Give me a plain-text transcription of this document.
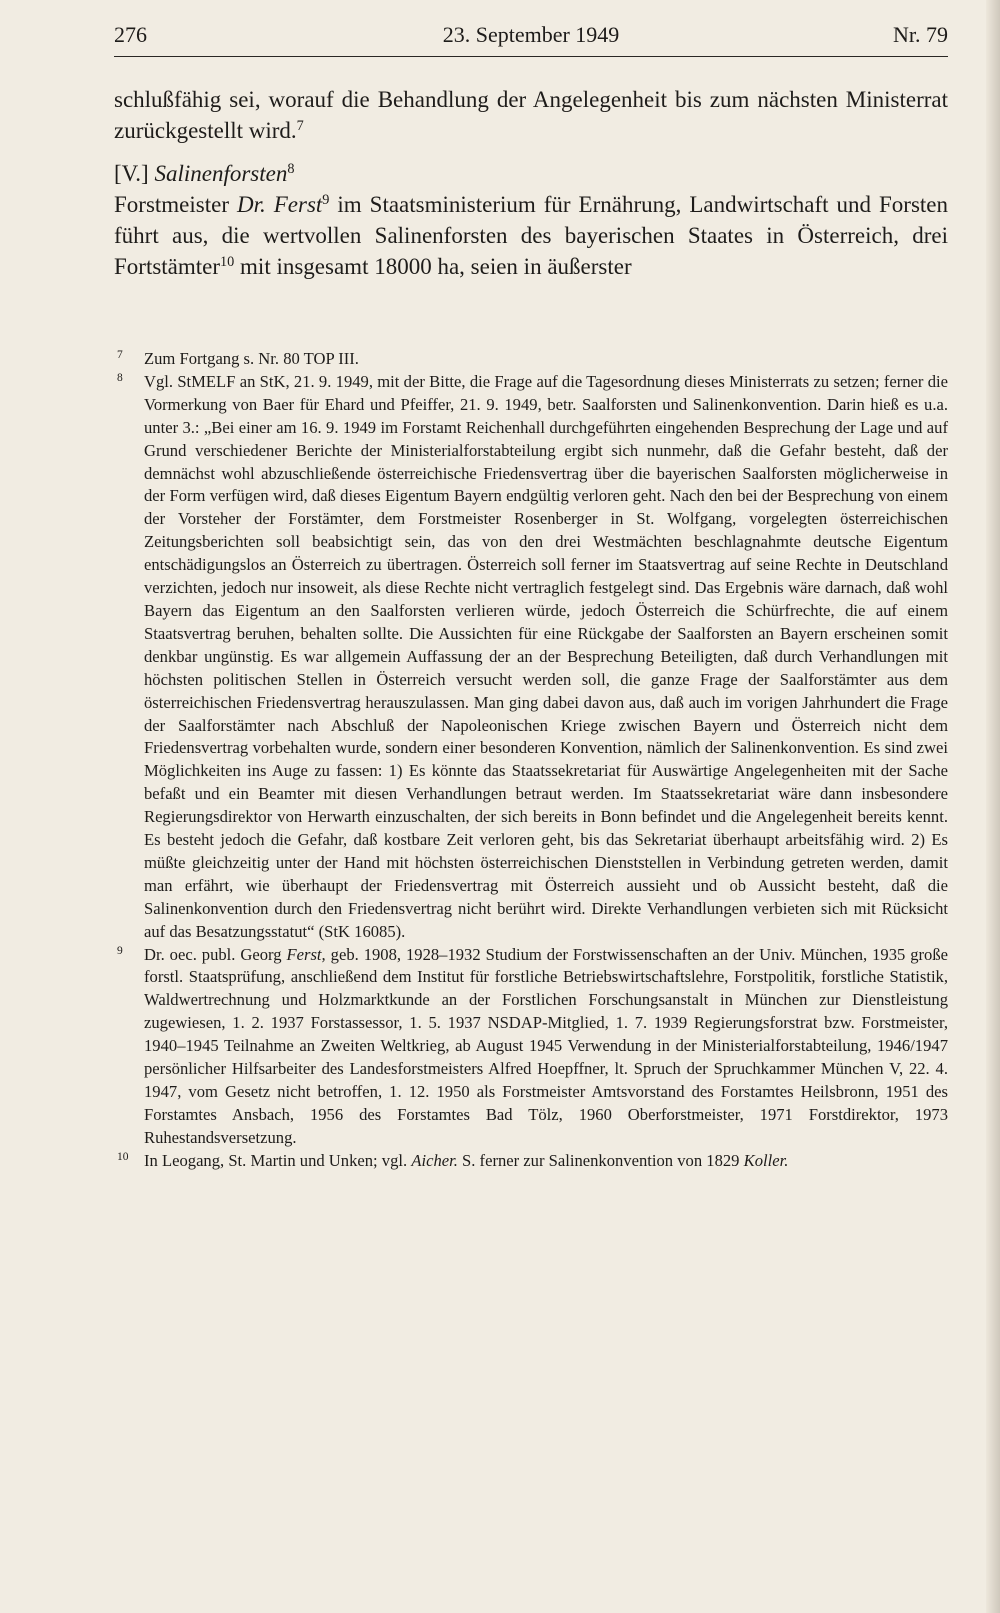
276	23. September 1949	Nr. 79

schlußfähig sei, worauf die Behandlung der Angelegenheit bis zum nächsten Ministerrat zurückgestellt wird.$^7$

[V.] Salinenforsten$^8$

Forstmeister Dr. Ferst$^9$ im Staatsministerium für Ernährung, Landwirtschaft und Forsten führt aus, die wertvollen Salinenforsten des bayerischen Staates in Österreich, drei Fortstämter$^{10}$ mit insgesamt 18000 ha, seien in äußerster

7 Zum Fortgang s. Nr. 80 TOP III.
8 Vgl. StMELF an StK, 21. 9. 1949, mit der Bitte, die Frage auf die Tagesordnung dieses Ministerrats zu setzen; ferner die Vormerkung von Baer für Ehard und Pfeiffer, 21. 9. 1949, betr. Saalforsten und Salinenkonvention. Darin hieß es u.a. unter 3.: „Bei einer am 16. 9. 1949 im Forstamt Reichenhall durchgeführten eingehenden Besprechung der Lage und auf Grund verschiedener Berichte der Ministerialforstabteilung ergibt sich nunmehr, daß die Gefahr besteht, daß der demnächst wohl abzuschließende österreichische Friedensvertrag über die bayerischen Saalforsten möglicherweise in der Form verfügen wird, daß dieses Eigentum Bayern endgültig verloren geht. Nach den bei der Besprechung von einem der Vorsteher der Forstämter, dem Forstmeister Rosenberger in St. Wolfgang, vorgelegten österreichischen Zeitungsberichten soll beabsichtigt sein, das von den drei Westmächten beschlagnahmte deutsche Eigentum entschädigungslos an Österreich zu übertragen. Österreich soll ferner im Staatsvertrag auf seine Rechte in Deutschland verzichten, jedoch nur insoweit, als diese Rechte nicht vertraglich festgelegt sind. Das Ergebnis wäre darnach, daß wohl Bayern das Eigentum an den Saalforsten verlieren würde, jedoch Österreich die Schürfrechte, die auf einem Staatsvertrag beruhen, behalten sollte. Die Aussichten für eine Rückgabe der Saalforsten an Bayern erscheinen somit denkbar ungünstig. Es war allgemein Auffassung der an der Besprechung Beteiligten, daß durch Verhandlungen mit höchsten politischen Stellen in Österreich versucht werden soll, die ganze Frage der Saalforstämter aus dem österreichischen Friedensvertrag herauszulassen. Man ging dabei davon aus, daß auch im vorigen Jahrhundert die Frage der Saalforstämter nach Abschluß der Napoleonischen Kriege zwischen Bayern und Österreich nicht dem Friedensvertrag vorbehalten wurde, sondern einer besonderen Konvention, nämlich der Salinenkonvention. Es sind zwei Möglichkeiten ins Auge zu fassen: 1) Es könnte das Staatssekretariat für Auswärtige Angelegenheiten mit der Sache befaßt und ein Beamter mit diesen Verhandlungen betraut werden. Im Staatssekretariat wäre dann insbesondere Regierungsdirektor von Herwarth einzuschalten, der sich bereits in Bonn befindet und die Angelegenheit bereits kennt. Es besteht jedoch die Gefahr, daß kostbare Zeit verloren geht, bis das Sekretariat überhaupt arbeitsfähig wird. 2) Es müßte gleichzeitig unter der Hand mit höchsten österreichischen Dienststellen in Verbindung getreten werden, damit man erfährt, wie überhaupt der Friedensvertrag mit Österreich aussieht und ob Aussicht besteht, daß die Salinenkonvention durch den Friedensvertrag nicht berührt wird. Direkte Verhandlungen verbieten sich mit Rücksicht auf das Besatzungsstatut“ (StK 16085).
9 Dr. oec. publ. Georg Ferst, geb. 1908, 1928–1932 Studium der Forstwissenschaften an der Univ. München, 1935 große forstl. Staatsprüfung, anschließend dem Institut für forstliche Betriebswirtschaftslehre, Forstpolitik, forstliche Statistik, Waldwertrechnung und Holzmarktkunde an der Forstlichen Forschungsanstalt in München zur Dienstleistung zugewiesen, 1. 2. 1937 Forstassessor, 1. 5. 1937 NSDAP-Mitglied, 1. 7. 1939 Regierungsforstrat bzw. Forstmeister, 1940–1945 Teilnahme an Zweiten Weltkrieg, ab August 1945 Verwendung in der Ministerialforstabteilung, 1946/1947 persönlicher Hilfsarbeiter des Landesforstmeisters Alfred Hoepffner, lt. Spruch der Spruchkammer München V, 22. 4. 1947, vom Gesetz nicht betroffen, 1. 12. 1950 als Forstmeister Amtsvorstand des Forstamtes Heilsbronn, 1951 des Forstamtes Ansbach, 1956 des Forstamtes Bad Tölz, 1960 Oberforstmeister, 1971 Forstdirektor, 1973 Ruhestandsversetzung.
10 In Leogang, St. Martin und Unken; vgl. Aicher. S. ferner zur Salinenkonvention von 1829 Koller.
